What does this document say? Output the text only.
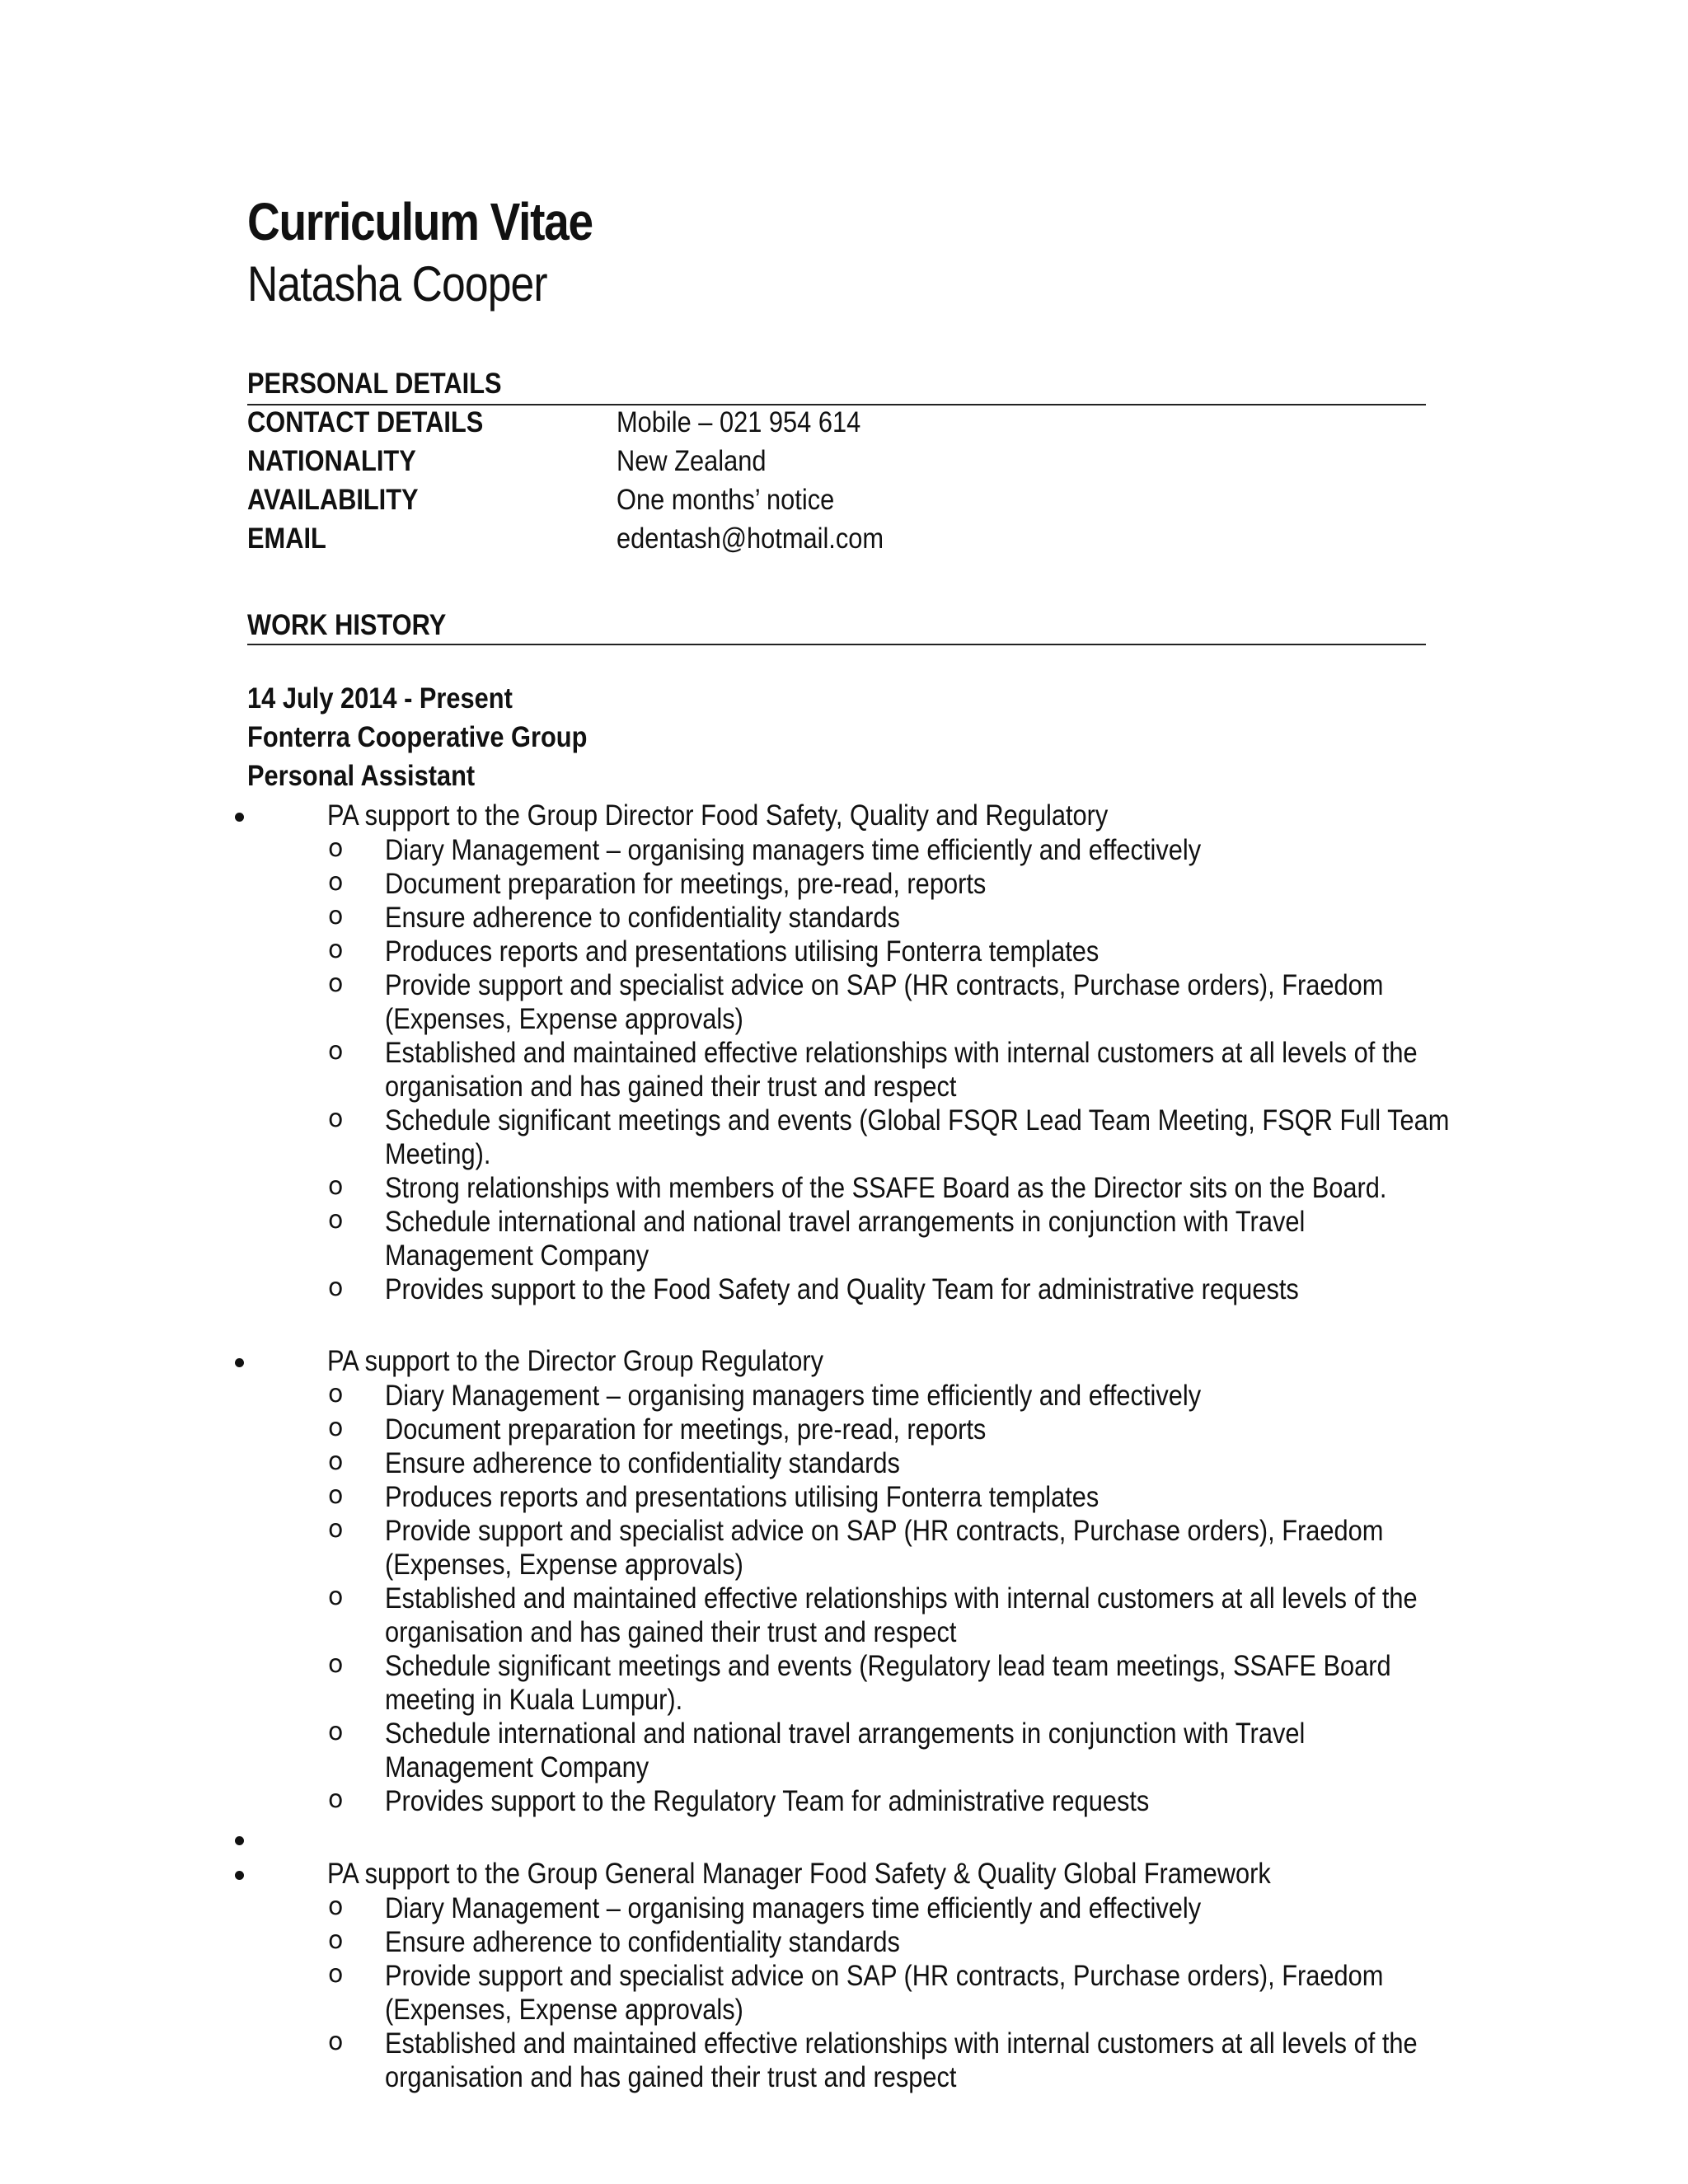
Curriculum Vitae
Natasha Cooper
PERSONAL DETAILS
CONTACT DETAILS	Mobile – 021 954 614
NATIONALITY	New Zealand
AVAILABILITY	One months’ notice
EMAIL	edentash@hotmail.com
WORK HISTORY
14 July 2014 - Present
Fonterra Cooperative Group
Personal Assistant
PA support to the Group Director Food Safety, Quality and Regulatory
o Diary Management – organising managers time efficiently and effectively
o Document preparation for meetings, pre-read, reports
o Ensure adherence to confidentiality standards
o Produces reports and presentations utilising Fonterra templates
o Provide support and specialist advice on SAP (HR contracts, Purchase orders), Fraedom
(Expenses, Expense approvals)
o Established and maintained effective relationships with internal customers at all levels of the
organisation and has gained their trust and respect
o Schedule significant meetings and events (Global FSQR Lead Team Meeting, FSQR Full Team
Meeting).
o Strong relationships with members of the SSAFE Board as the Director sits on the Board.
o Schedule international and national travel arrangements in conjunction with Travel
Management Company
o Provides support to the Food Safety and Quality Team for administrative requests
PA support to the Director Group Regulatory
o Diary Management – organising managers time efficiently and effectively
o Document preparation for meetings, pre-read, reports
o Ensure adherence to confidentiality standards
o Produces reports and presentations utilising Fonterra templates
o Provide support and specialist advice on SAP (HR contracts, Purchase orders), Fraedom
(Expenses, Expense approvals)
o Established and maintained effective relationships with internal customers at all levels of the
organisation and has gained their trust and respect
o Schedule significant meetings and events (Regulatory lead team meetings, SSAFE Board
meeting in Kuala Lumpur).
o Schedule international and national travel arrangements in conjunction with Travel
Management Company
o Provides support to the Regulatory Team for administrative requests
PA support to the Group General Manager Food Safety & Quality Global Framework
o Diary Management – organising managers time efficiently and effectively
o Ensure adherence to confidentiality standards
o Provide support and specialist advice on SAP (HR contracts, Purchase orders), Fraedom
(Expenses, Expense approvals)
o Established and maintained effective relationships with internal customers at all levels of the
organisation and has gained their trust and respect
